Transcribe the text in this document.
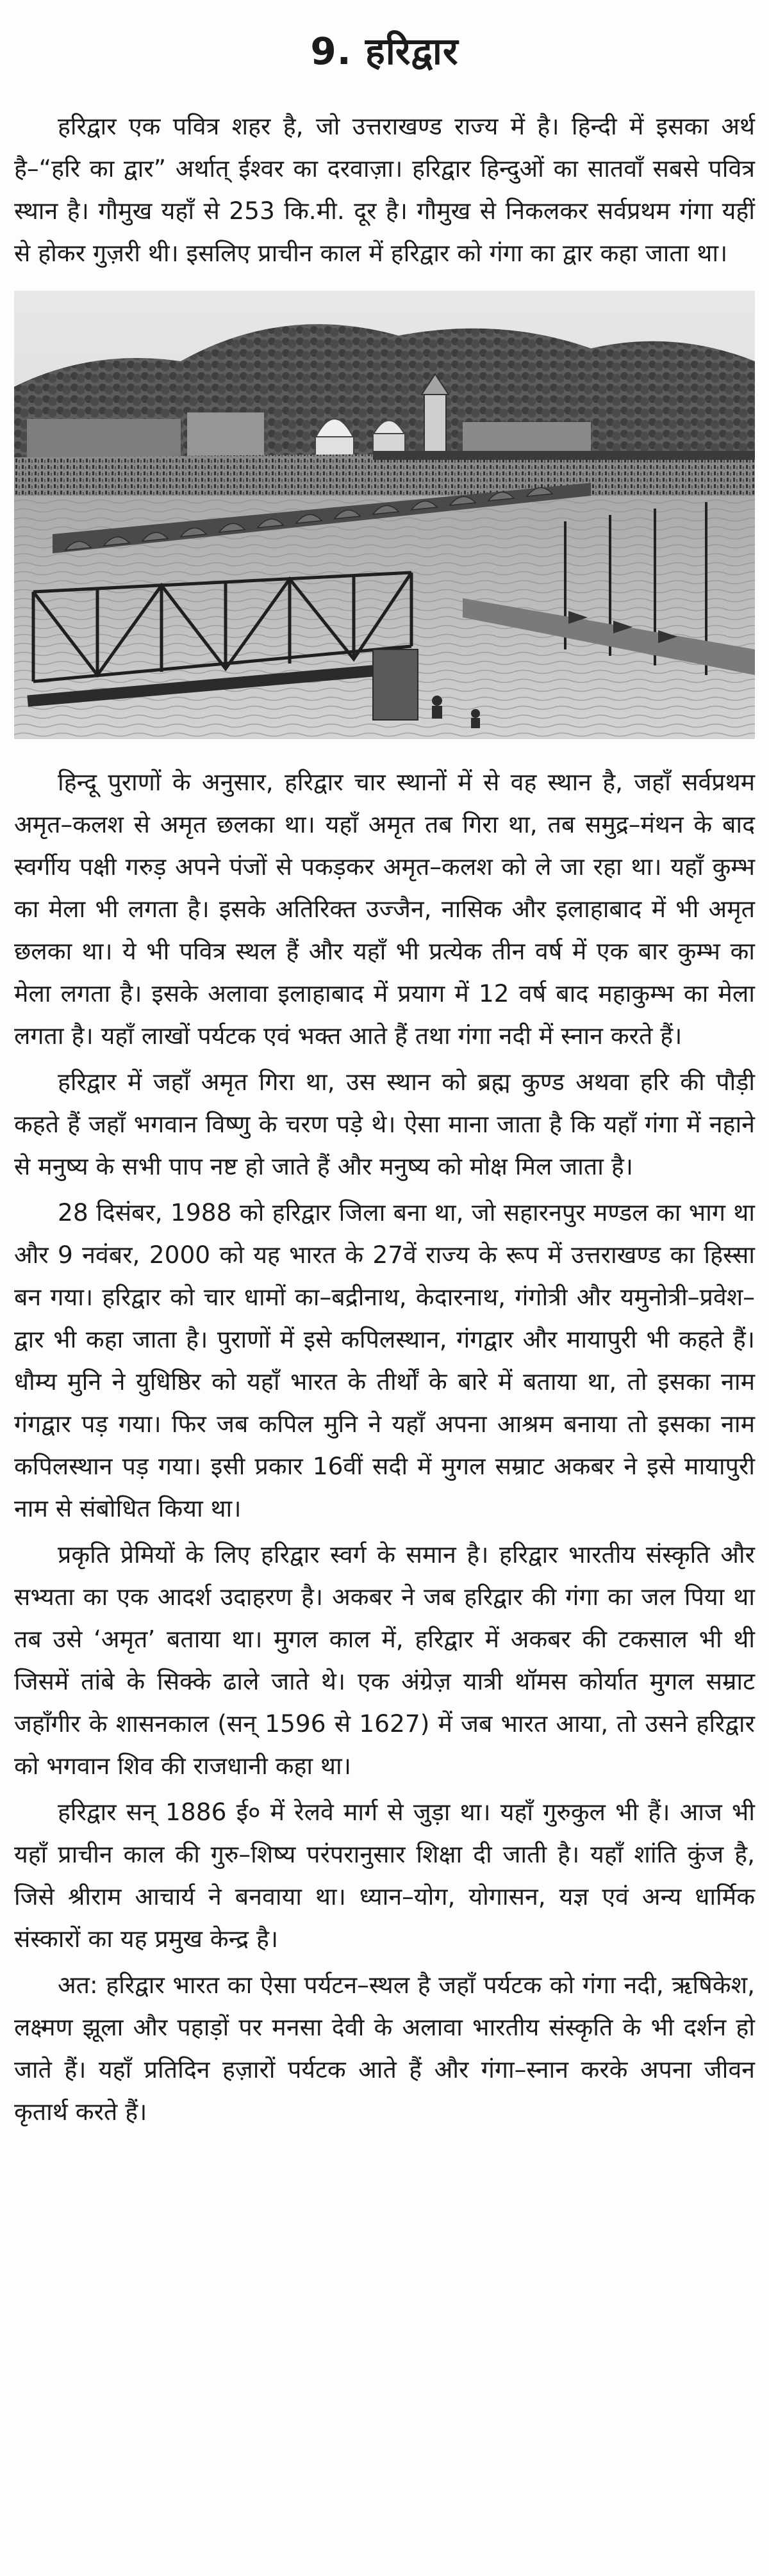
9. हरिद्वार

हरिद्वार एक पवित्र शहर है, जो उत्तराखण्ड राज्य में है। हिन्दी में इसका अर्थ है–“हरि का द्वार” अर्थात् ईश्वर का दरवाज़ा। हरिद्वार हिन्दुओं का सातवाँ सबसे पवित्र स्थान है। गौमुख यहाँ से 253 कि.मी. दूर है। गौमुख से निकलकर सर्वप्रथम गंगा यहीं से होकर गुज़री थी। इसलिए प्राचीन काल में हरिद्वार को गंगा का द्वार कहा जाता था।

हिन्दू पुराणों के अनुसार, हरिद्वार चार स्थानों में से वह स्थान है, जहाँ सर्वप्रथम अमृत–कलश से अमृत छलका था। यहाँ अमृत तब गिरा था, तब समुद्र–मंथन के बाद स्वर्गीय पक्षी गरुड़ अपने पंजों से पकड़कर अमृत–कलश को ले जा रहा था। यहाँ कुम्भ का मेला भी लगता है। इसके अतिरिक्त उज्जैन, नासिक और इलाहाबाद में भी अमृत छलका था। ये भी पवित्र स्थल हैं और यहाँ भी प्रत्येक तीन वर्ष में एक बार कुम्भ का मेला लगता है। इसके अलावा इलाहाबाद में प्रयाग में 12 वर्ष बाद महाकुम्भ का मेला लगता है। यहाँ लाखों पर्यटक एवं भक्त आते हैं तथा गंगा नदी में स्नान करते हैं।

हरिद्वार में जहाँ अमृत गिरा था, उस स्थान को ब्रह्म कुण्ड अथवा हरि की पौड़ी कहते हैं जहाँ भगवान विष्णु के चरण पड़े थे। ऐसा माना जाता है कि यहाँ गंगा में नहाने से मनुष्य के सभी पाप नष्ट हो जाते हैं और मनुष्य को मोक्ष मिल जाता है।

28 दिसंबर, 1988 को हरिद्वार जिला बना था, जो सहारनपुर मण्डल का भाग था और 9 नवंबर, 2000 को यह भारत के 27वें राज्य के रूप में उत्तराखण्ड का हिस्सा बन गया। हरिद्वार को चार धामों का–बद्रीनाथ, केदारनाथ, गंगोत्री और यमुनोत्री–प्रवेश–द्वार भी कहा जाता है। पुराणों में इसे कपिलस्थान, गंगद्वार और मायापुरी भी कहते हैं। धौम्य मुनि ने युधिष्ठिर को यहाँ भारत के तीर्थों के बारे में बताया था, तो इसका नाम गंगद्वार पड़ गया। फिर जब कपिल मुनि ने यहाँ अपना आश्रम बनाया तो इसका नाम कपिलस्थान पड़ गया। इसी प्रकार 16वीं सदी में मुगल सम्राट अकबर ने इसे मायापुरी नाम से संबोधित किया था।

प्रकृति प्रेमियों के लिए हरिद्वार स्वर्ग के समान है। हरिद्वार भारतीय संस्कृति और सभ्यता का एक आदर्श उदाहरण है। अकबर ने जब हरिद्वार की गंगा का जल पिया था तब उसे ‘अमृत’ बताया था। मुगल काल में, हरिद्वार में अकबर की टकसाल भी थी जिसमें तांबे के सिक्के ढाले जाते थे। एक अंग्रेज़ यात्री थॉमस कोर्यात मुगल सम्राट जहाँगीर के शासनकाल (सन् 1596 से 1627) में जब भारत आया, तो उसने हरिद्वार को भगवान शिव की राजधानी कहा था।

हरिद्वार सन् 1886 ई० में रेलवे मार्ग से जुड़ा था। यहाँ गुरुकुल भी हैं। आज भी यहाँ प्राचीन काल की गुरु–शिष्य परंपरानुसार शिक्षा दी जाती है। यहाँ शांति कुंज है, जिसे श्रीराम आचार्य ने बनवाया था। ध्यान–योग, योगासन, यज्ञ एवं अन्य धार्मिक संस्कारों का यह प्रमुख केन्द्र है।

अत: हरिद्वार भारत का ऐसा पर्यटन–स्थल है जहाँ पर्यटक को गंगा नदी, ऋषिकेश, लक्ष्मण झूला और पहाड़ों पर मनसा देवी के अलावा भारतीय संस्कृति के भी दर्शन हो जाते हैं। यहाँ प्रतिदिन हज़ारों पर्यटक आते हैं और गंगा–स्नान करके अपना जीवन कृतार्थ करते हैं।
